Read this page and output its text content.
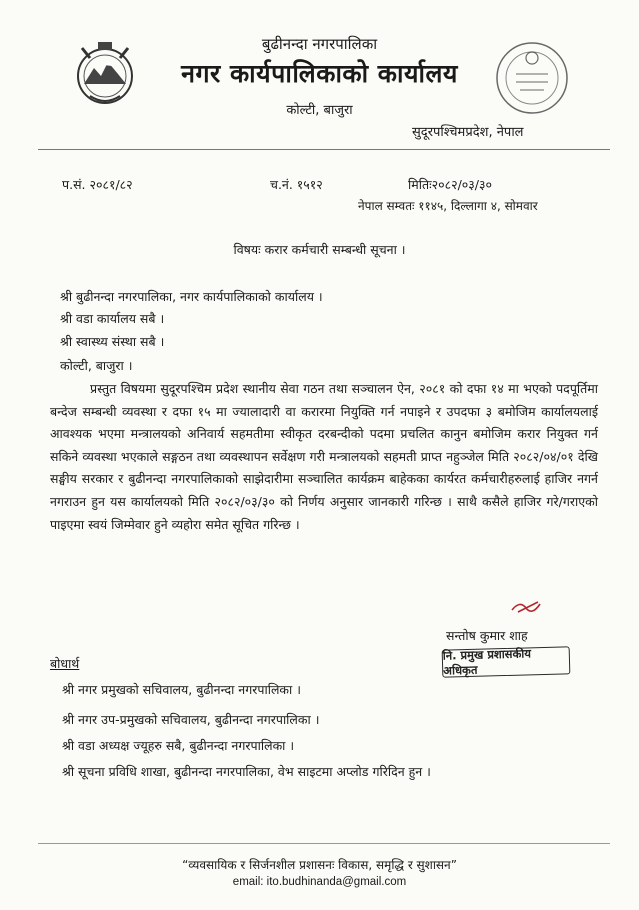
बुढीनन्दा नगरपालिका
नगर कार्यपालिकाको कार्यालय
कोल्टी, बाजुरा
सुदूरपश्चिमप्रदेश, नेपाल
प.सं. २०८१/८२	च.नं. १५१२	मितिः२०८२/०३/३०
नेपाल सम्वतः ११४५, दिल्लागा ४, सोमवार
विषयः करार कर्मचारी सम्बन्धी सूचना ।
श्री बुढीनन्दा नगरपालिका, नगर कार्यपालिकाको कार्यालय ।
श्री वडा कार्यालय सबै ।
श्री स्वास्थ्य संस्था सबै ।
कोल्टी, बाजुरा ।

प्रस्तुत विषयमा सुदूरपश्चिम प्रदेश स्थानीय सेवा गठन तथा सञ्चालन ऐन, २०८१ को दफा १४ मा भएको पदपूर्तिमा बन्देज सम्बन्धी व्यवस्था र दफा १५ मा ज्यालादारी वा करारमा नियुक्ति गर्न नपाइने र उपदफा ३ बमोजिम कार्यालयलाई आवश्यक भएमा मन्त्रालयको अनिवार्य सहमतीमा स्वीकृत दरबन्दीको पदमा प्रचलित कानुन बमोजिम करार नियुक्त गर्न सकिने व्यवस्था भएकाले सङ्गठन तथा व्यवस्थापन सर्वेक्षण गरी मन्त्रालयको सहमती प्राप्त नहुञ्जेल मिति २०८२/०४/०१ देखि सङ्घीय सरकार र बुढीनन्दा नगरपालिकाको साझेदारीमा सञ्चालित कार्यक्रम बाहेकका कार्यरत कर्मचारीहरुलाई हाजिर नगर्न नगराउन हुन यस कार्यालयको मिति २०८२/०३/३० को निर्णय अनुसार जानकारी गरिन्छ । साथै कसैले हाजिर गरे/गराएको पाइएमा स्वयं जिम्मेवार हुने व्यहोरा समेत सूचित गरिन्छ ।

सन्तोष कुमार शाह
नि. प्रमुख प्रशासकीय अधिकृत
बोधार्थ
श्री नगर प्रमुखको सचिवालय, बुढीनन्दा नगरपालिका ।
श्री नगर उप-प्रमुखको सचिवालय, बुढीनन्दा नगरपालिका ।
श्री वडा अध्यक्ष ज्यूहरु सबै, बुढीनन्दा नगरपालिका ।
श्री सूचना प्रविधि शाखा, बुढीनन्दा नगरपालिका, वेभ साइटमा अप्लोड गरिदिन हुन ।
“व्यवसायिक र सिर्जनशील प्रशासनः विकास, समृद्धि र सुशासन”
email: ito.budhinanda@gmail.com
